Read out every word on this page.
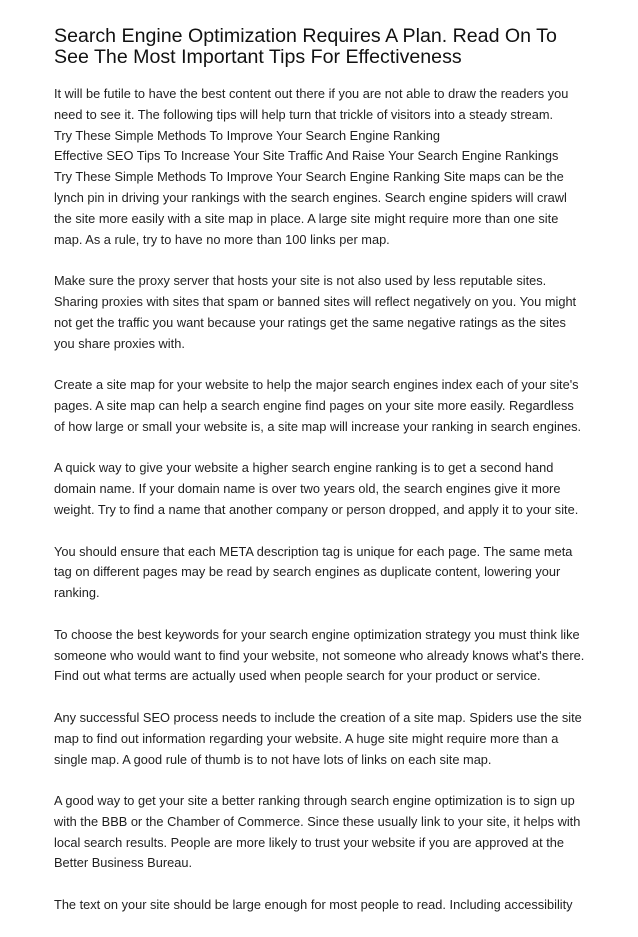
Search Engine Optimization Requires A Plan. Read On To See The Most Important Tips For Effectiveness
It will be futile to have the best content out there if you are not able to draw the readers you need to see it. The following tips will help turn that trickle of visitors into a steady stream.
Try These Simple Methods To Improve Your Search Engine Ranking
Effective SEO Tips To Increase Your Site Traffic And Raise Your Search Engine Rankings
Try These Simple Methods To Improve Your Search Engine Ranking Site maps can be the lynch pin in driving your rankings with the search engines. Search engine spiders will crawl the site more easily with a site map in place. A large site might require more than one site map. As a rule, try to have no more than 100 links per map.
Make sure the proxy server that hosts your site is not also used by less reputable sites. Sharing proxies with sites that spam or banned sites will reflect negatively on you. You might not get the traffic you want because your ratings get the same negative ratings as the sites you share proxies with.
Create a site map for your website to help the major search engines index each of your site's pages. A site map can help a search engine find pages on your site more easily. Regardless of how large or small your website is, a site map will increase your ranking in search engines.
A quick way to give your website a higher search engine ranking is to get a second hand domain name. If your domain name is over two years old, the search engines give it more weight. Try to find a name that another company or person dropped, and apply it to your site.
You should ensure that each META description tag is unique for each page. The same meta tag on different pages may be read by search engines as duplicate content, lowering your ranking.
To choose the best keywords for your search engine optimization strategy you must think like someone who would want to find your website, not someone who already knows what's there. Find out what terms are actually used when people search for your product or service.
Any successful SEO process needs to include the creation of a site map. Spiders use the site map to find out information regarding your website. A huge site might require more than a single map. A good rule of thumb is to not have lots of links on each site map.
A good way to get your site a better ranking through search engine optimization is to sign up with the BBB or the Chamber of Commerce. Since these usually link to your site, it helps with local search results. People are more likely to trust your website if you are approved at the Better Business Bureau.
The text on your site should be large enough for most people to read. Including accessibility
